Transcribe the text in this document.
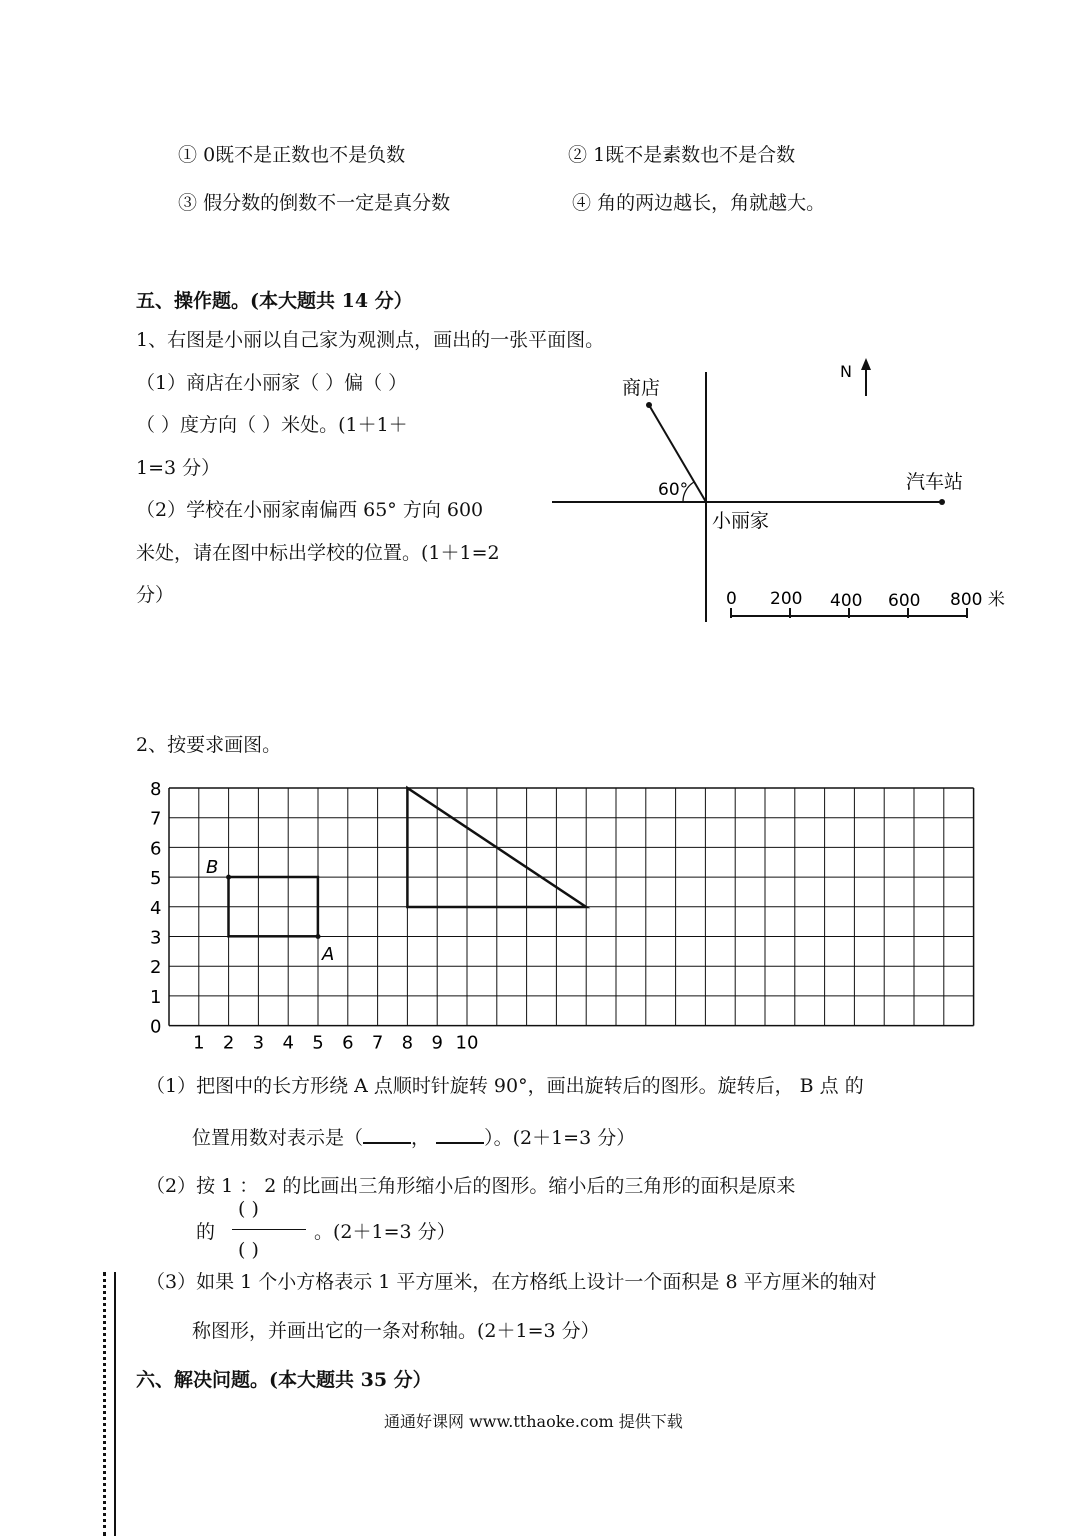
① 0既不是正数也不是负数	② 1既不是素数也不是合数
③ 假分数的倒数不一定是真分数	④ 角的两边越长，角就越大。
五、操作题。(本大题共 14 分）
1、右图是小丽以自己家为观测点，画出的一张平面图。
（1）商店在小丽家（ ）偏（ ）
（ ）度方向（ ）米处。(1＋1＋
1=3 分）
（2）学校在小丽家南偏西 65° 方向 600
米处，请在图中标出学校的位置。(1＋1=2
分）
N
商店
60°
小丽家
汽车站
0 200 400 600 800 米
2、按要求画图。
B
A
8
7
6
5
4
3
2
1
0
1 2 3 4 5 6 7 8 9 10
（1）把图中的长方形绕 A 点顺时针旋转 90°，画出旋转后的图形。旋转后， B 点 的
位置用数对表示是（	，	）。(2＋1=3 分）
（2）按 1 ： 2 的比画出三角形缩小后的图形。缩小后的三角形的面积是原来
的
( )
( )
。(2＋1=3 分）
（3）如果 1 个小方格表示 1 平方厘米，在方格纸上设计一个面积是 8 平方厘米的轴对
称图形，并画出它的一条对称轴。(2＋1=3 分）
六、解决问题。(本大题共 35 分）
通通好课网 www.tthaoke.com 提供下载
